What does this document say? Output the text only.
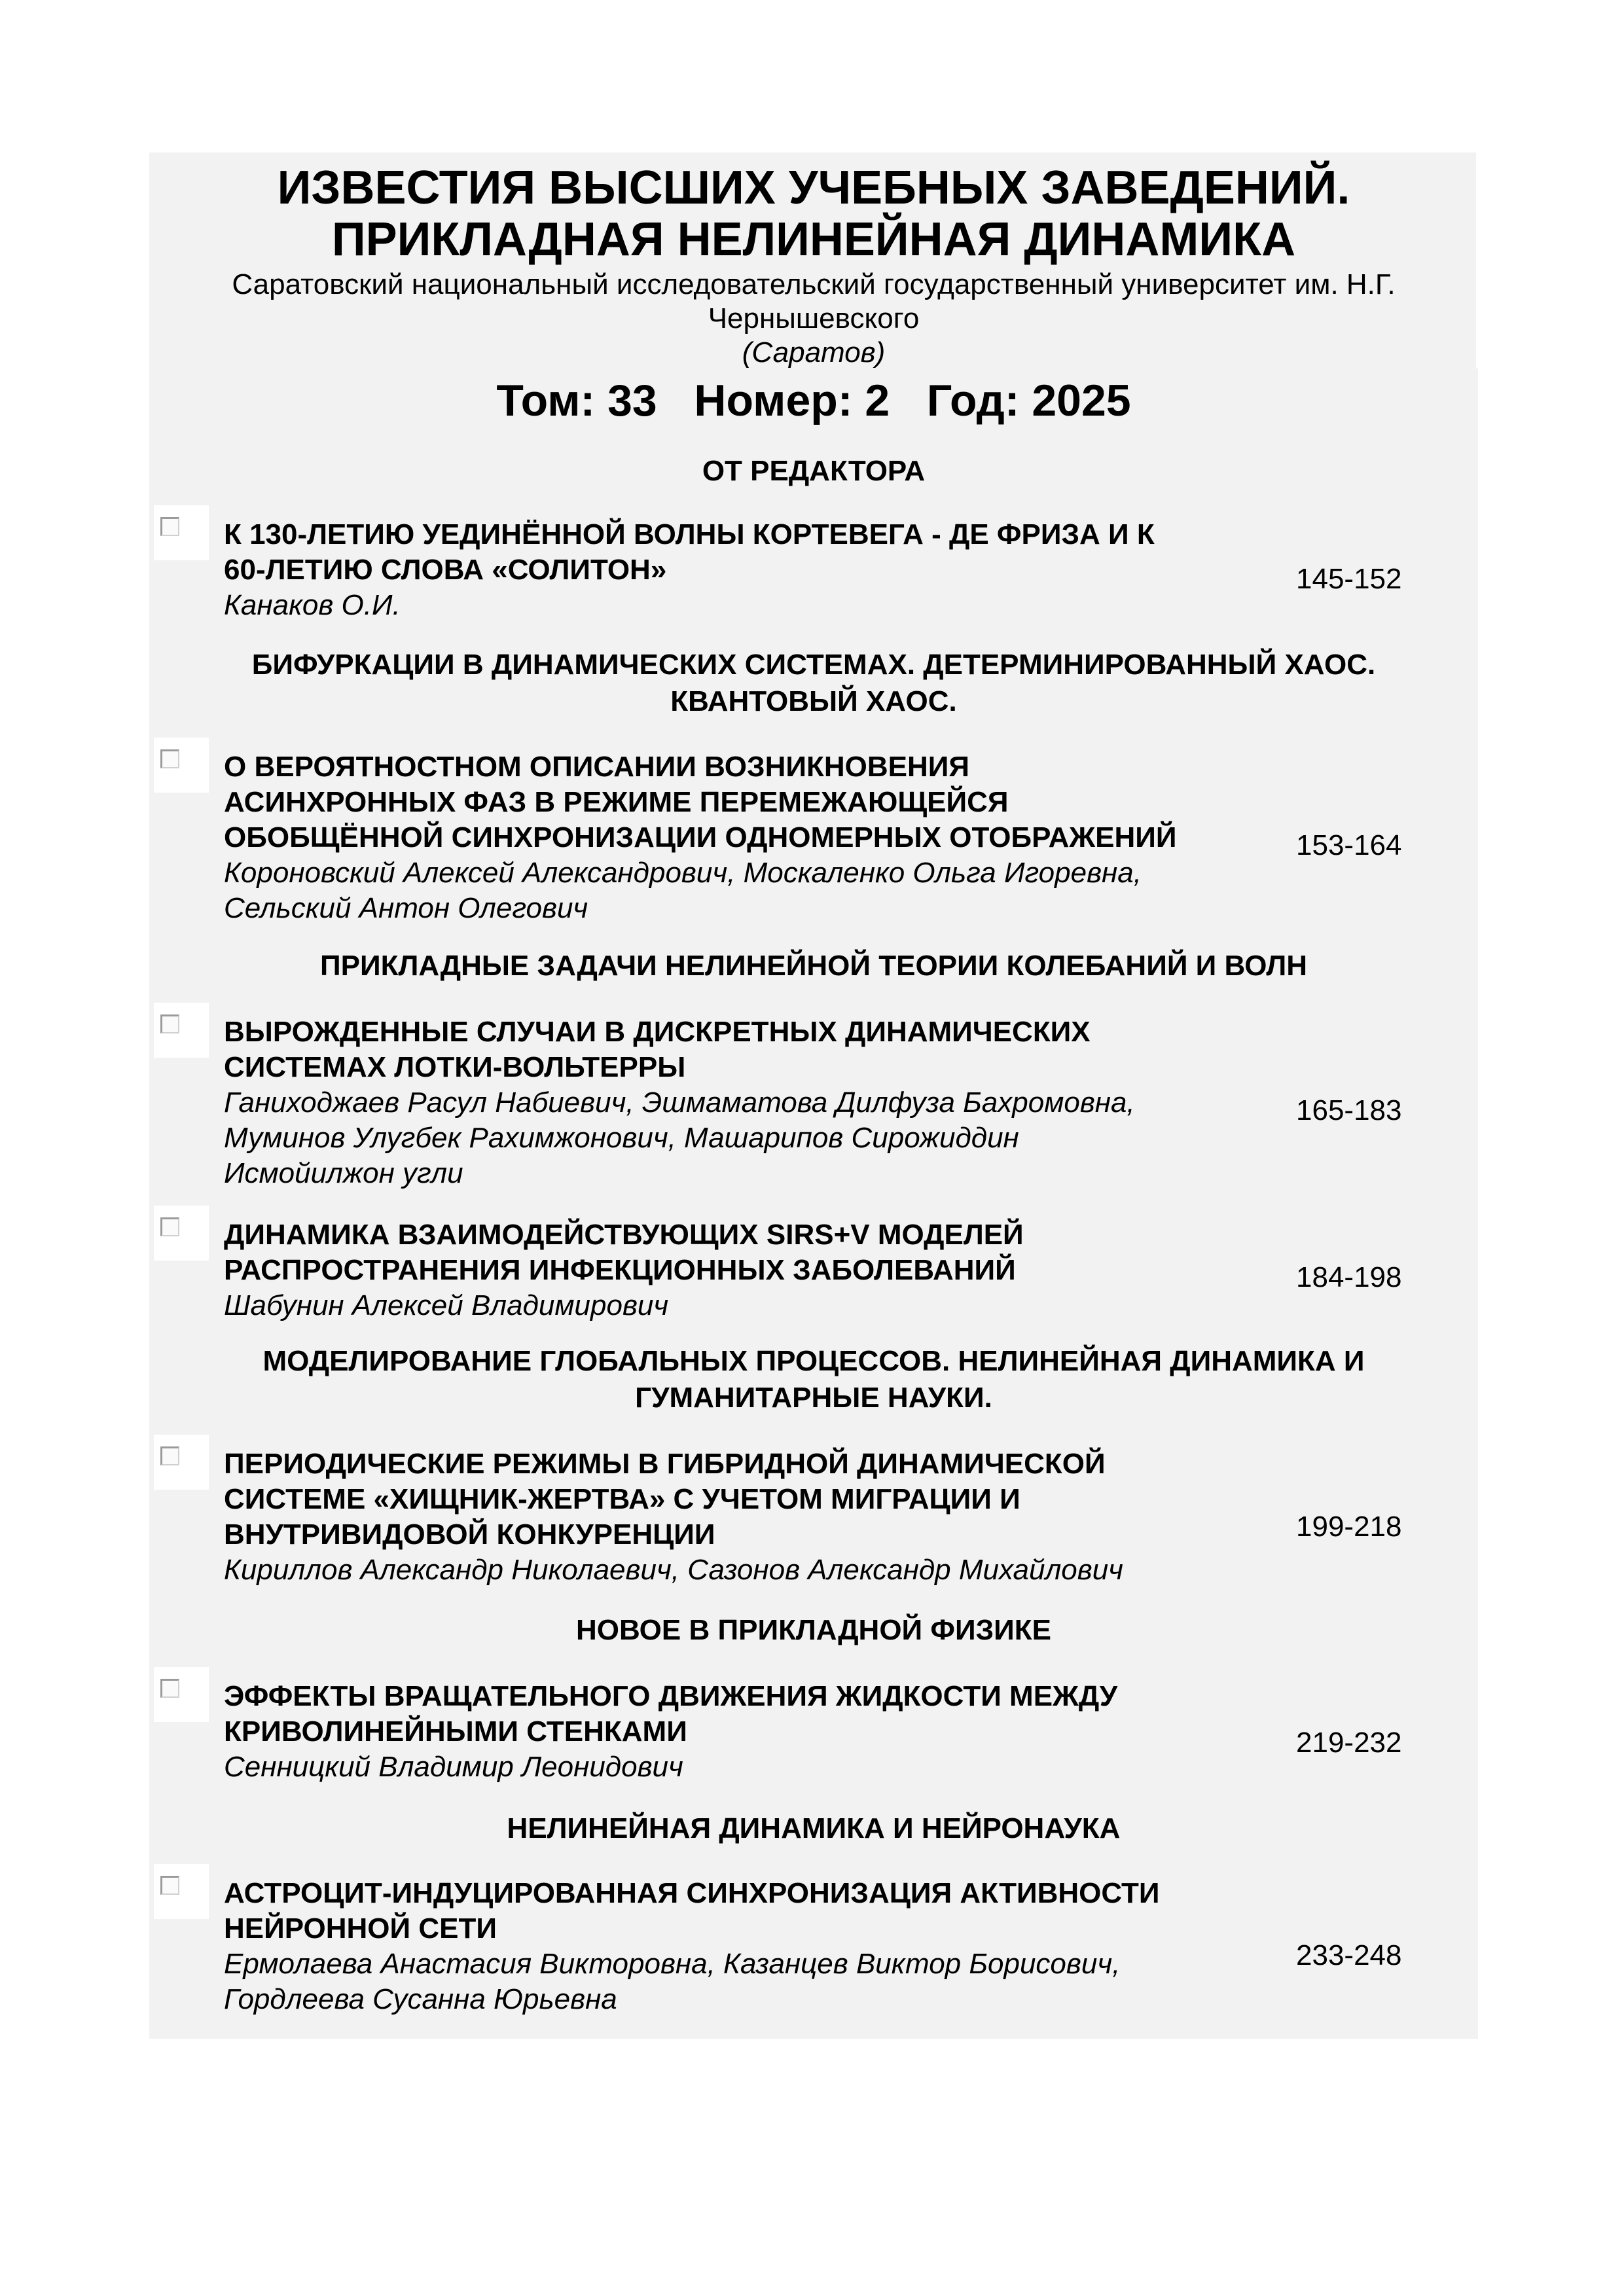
ИЗВЕСТИЯ ВЫСШИХ УЧЕБНЫХ ЗАВЕДЕНИЙ.
ПРИКЛАДНАЯ НЕЛИНЕЙНАЯ ДИНАМИКА
Саратовский национальный исследовательский государственный университет им. Н.Г.
Чернышевского
(Саратов)
Том: 33   Номер: 2   Год: 2025
ОТ РЕДАКТОРА
К 130-ЛЕТИЮ УЕДИНЁННОЙ ВОЛНЫ КОРТЕВЕГА - ДЕ ФРИЗА И К
60-ЛЕТИЮ СЛОВА «СОЛИТОН»
Канаков О.И.
145-152
БИФУРКАЦИИ В ДИНАМИЧЕСКИХ СИСТЕМАХ. ДЕТЕРМИНИРОВАННЫЙ ХАОС.
КВАНТОВЫЙ ХАОС.
О ВЕРОЯТНОСТНОМ ОПИСАНИИ ВОЗНИКНОВЕНИЯ
АСИНХРОННЫХ ФАЗ В РЕЖИМЕ ПЕРЕМЕЖАЮЩЕЙСЯ
ОБОБЩЁННОЙ СИНХРОНИЗАЦИИ ОДНОМЕРНЫХ ОТОБРАЖЕНИЙ
Короновский Алексей Александрович, Москаленко Ольга Игоревна,
Сельский Антон Олегович
153-164
ПРИКЛАДНЫЕ ЗАДАЧИ НЕЛИНЕЙНОЙ ТЕОРИИ КОЛЕБАНИЙ И ВОЛН
ВЫРОЖДЕННЫЕ СЛУЧАИ В ДИСКРЕТНЫХ ДИНАМИЧЕСКИХ
СИСТЕМАХ ЛОТКИ-ВОЛЬТЕРРЫ
Ганиходжаев Расул Набиевич, Эшмаматова Дилфуза Бахромовна,
Муминов Улугбек Рахимжонович, Машарипов Сирожиддин
Исмойилжон угли
165-183
ДИНАМИКА ВЗАИМОДЕЙСТВУЮЩИХ SIRS+V МОДЕЛЕЙ
РАСПРОСТРАНЕНИЯ ИНФЕКЦИОННЫХ ЗАБОЛЕВАНИЙ
Шабунин Алексей Владимирович
184-198
МОДЕЛИРОВАНИЕ ГЛОБАЛЬНЫХ ПРОЦЕССОВ. НЕЛИНЕЙНАЯ ДИНАМИКА И
ГУМАНИТАРНЫЕ НАУКИ.
ПЕРИОДИЧЕСКИЕ РЕЖИМЫ В ГИБРИДНОЙ ДИНАМИЧЕСКОЙ
СИСТЕМЕ «ХИЩНИК-ЖЕРТВА» С УЧЕТОМ МИГРАЦИИ И
ВНУТРИВИДОВОЙ КОНКУРЕНЦИИ
Кириллов Александр Николаевич, Сазонов Александр Михайлович
199-218
НОВОЕ В ПРИКЛАДНОЙ ФИЗИКЕ
ЭФФЕКТЫ ВРАЩАТЕЛЬНОГО ДВИЖЕНИЯ ЖИДКОСТИ МЕЖДУ
КРИВОЛИНЕЙНЫМИ СТЕНКАМИ
Сенницкий Владимир Леонидович
219-232
НЕЛИНЕЙНАЯ ДИНАМИКА И НЕЙРОНАУКА
АСТРОЦИТ-ИНДУЦИРОВАННАЯ СИНХРОНИЗАЦИЯ АКТИВНОСТИ
НЕЙРОННОЙ СЕТИ
Ермолаева Анастасия Викторовна, Казанцев Виктор Борисович,
Гордлеева Сусанна Юрьевна
233-248
